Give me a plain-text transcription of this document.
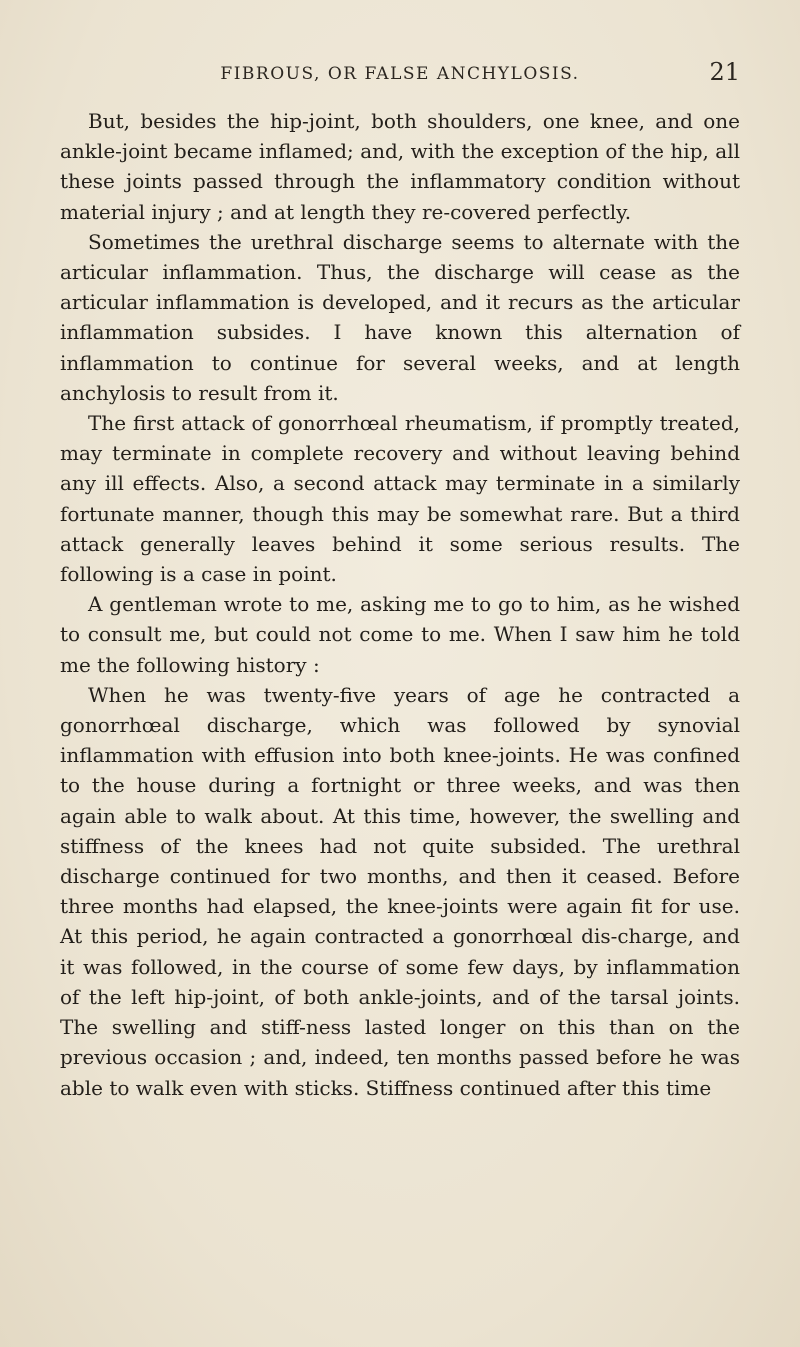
FIBROUS, OR FALSE ANCHYLOSIS.	21

But, besides the hip-joint, both shoulders, one knee, and one ankle-joint became inflamed; and, with the exception of the hip, all these joints passed through the inflammatory condition without material injury ; and at length they re-covered perfectly.

Sometimes the urethral discharge seems to alternate with the articular inflammation. Thus, the discharge will cease as the articular inflammation is developed, and it recurs as the articular inflammation subsides. I have known this alternation of inflammation to continue for several weeks, and at length anchylosis to result from it.

The first attack of gonorrhœal rheumatism, if promptly treated, may terminate in complete recovery and without leaving behind any ill effects. Also, a second attack may terminate in a similarly fortunate manner, though this may be somewhat rare. But a third attack generally leaves behind it some serious results. The following is a case in point.

A gentleman wrote to me, asking me to go to him, as he wished to consult me, but could not come to me. When I saw him he told me the following history :

When he was twenty-five years of age he contracted a gonorrhœal discharge, which was followed by synovial inflammation with effusion into both knee-joints. He was confined to the house during a fortnight or three weeks, and was then again able to walk about. At this time, however, the swelling and stiffness of the knees had not quite subsided. The urethral discharge continued for two months, and then it ceased. Before three months had elapsed, the knee-joints were again fit for use. At this period, he again contracted a gonorrhœal dis-charge, and it was followed, in the course of some few days, by inflammation of the left hip-joint, of both ankle-joints, and of the tarsal joints. The swelling and stiff-ness lasted longer on this than on the previous occasion ; and, indeed, ten months passed before he was able to walk even with sticks. Stiffness continued after this time
